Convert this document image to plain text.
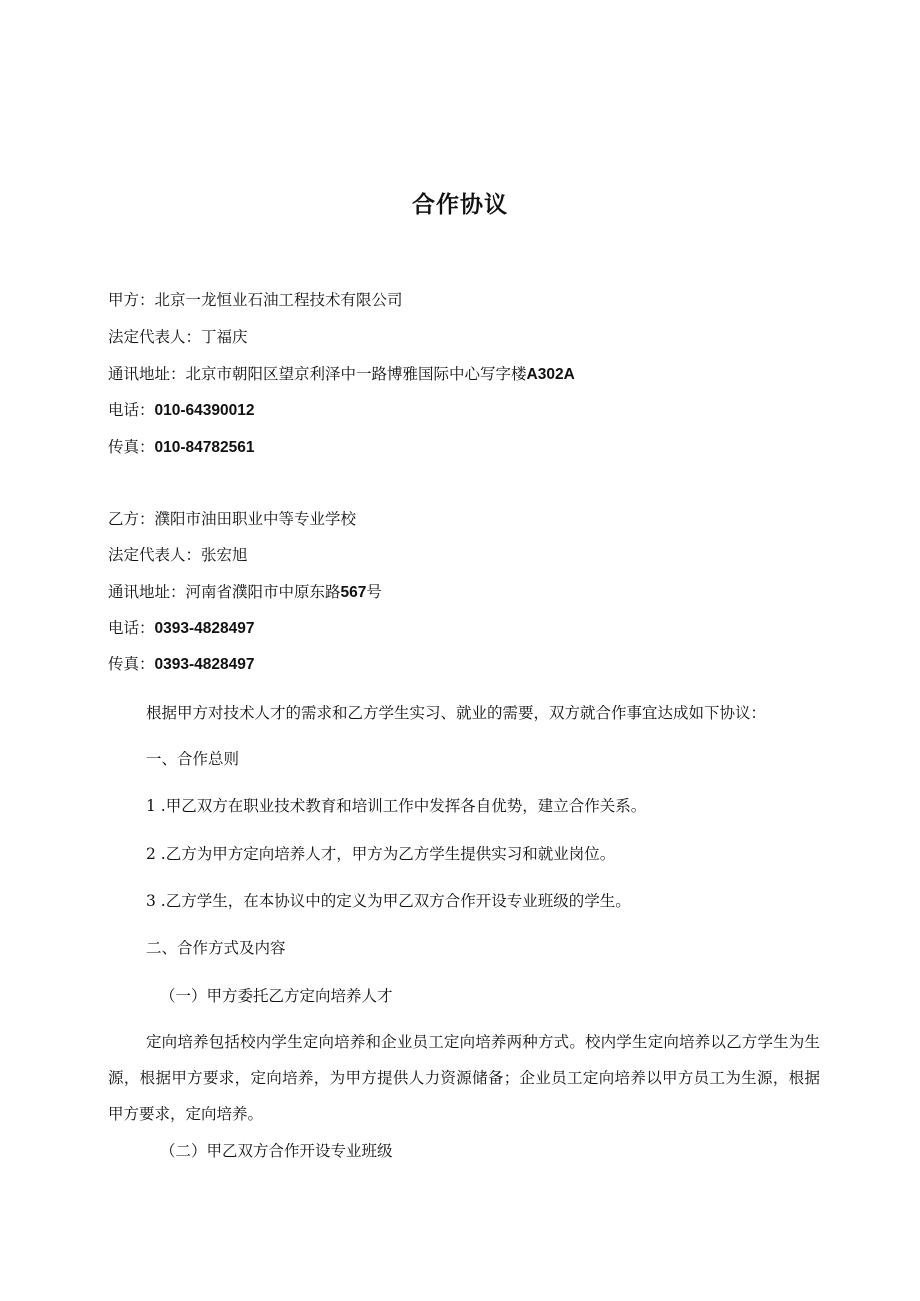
合作协议
甲方：北京一龙恒业石油工程技术有限公司
法定代表人：丁福庆
通讯地址：北京市朝阳区望京利泽中一路博雅国际中心写字楼A302A
电话：010-64390012
传真：010-84782561
乙方：濮阳市油田职业中等专业学校
法定代表人：张宏旭
通讯地址：河南省濮阳市中原东路567号
电话：0393-4828497
传真：0393-4828497
根据甲方对技术人才的需求和乙方学生实习、就业的需要，双方就合作事宜达成如下协议：
一、合作总则
1 .甲乙双方在职业技术教育和培训工作中发挥各自优势，建立合作关系。
2 .乙方为甲方定向培养人才，甲方为乙方学生提供实习和就业岗位。
3 .乙方学生，在本协议中的定义为甲乙双方合作开设专业班级的学生。
二、合作方式及内容
（一）甲方委托乙方定向培养人才
定向培养包括校内学生定向培养和企业员工定向培养两种方式。校内学生定向培养以乙方学生为生源，根据甲方要求，定向培养，为甲方提供人力资源储备；企业员工定向培养以甲方员工为生源，根据甲方要求，定向培养。
（二）甲乙双方合作开设专业班级
